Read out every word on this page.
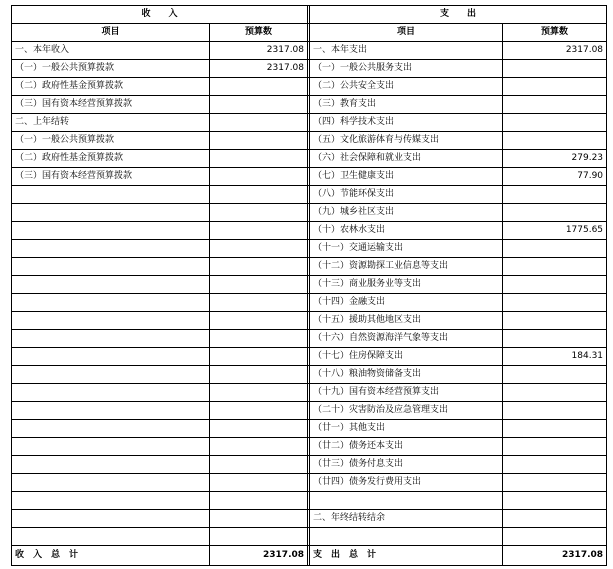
收　　入			支　　出	
项目	预算数		项目	预算数
一、本年收入	2317.08		一、本年支出	2317.08
（一）一般公共预算拨款	2317.08		（一）一般公共服务支出	
（二）政府性基金预算拨款			（二）公共安全支出	
（三）国有资本经营预算拨款			（三）教育支出	
二、上年结转			（四）科学技术支出	
（一）一般公共预算拨款			（五）文化旅游体育与传媒支出	
（二）政府性基金预算拨款			（六）社会保障和就业支出	279.23
（三）国有资本经营预算拨款			（七）卫生健康支出	77.90
			（八）节能环保支出	
			（九）城乡社区支出	
			（十）农林水支出	1775.65
			（十一）交通运输支出	
			（十二）资源勘探工业信息等支出	
			（十三）商业服务业等支出	
			（十四）金融支出	
			（十五）援助其他地区支出	
			（十六）自然资源海洋气象等支出	
			（十七）住房保障支出	184.31
			（十八）粮油物资储备支出	
			（十九）国有资本经营预算支出	
			（二十）灾害防治及应急管理支出	
			（廿一）其他支出	
			（廿二）债务还本支出	
			（廿三）债务付息支出	
			（廿四）债务发行费用支出	

			二、年终结转结余	

收　入　总　计	2317.08		支　出　总　计	2317.08
